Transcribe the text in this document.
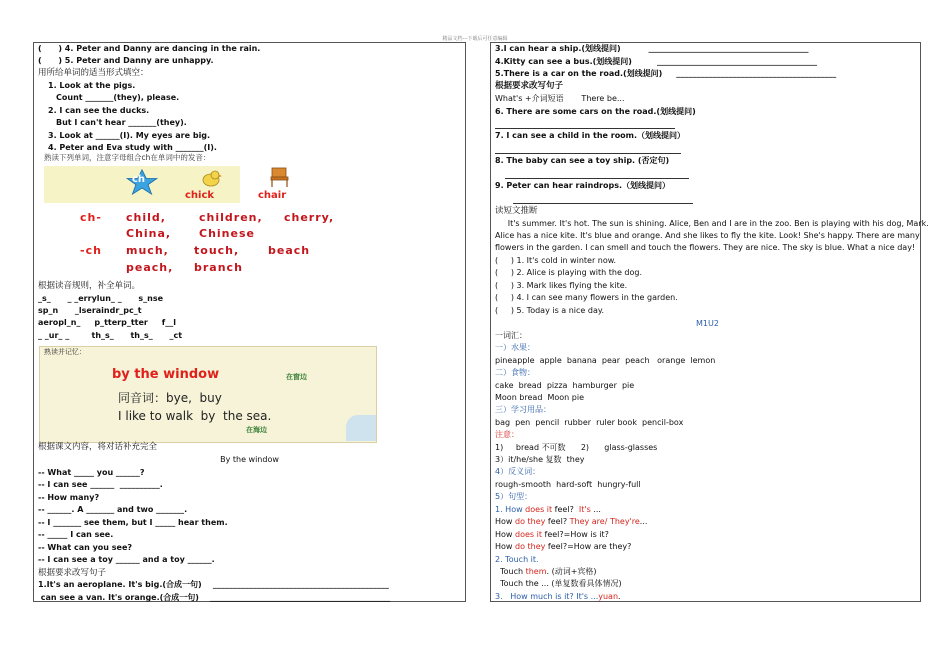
精品文档---下载后可任意编辑
(      ) 4. Peter and Danny are dancing in the rain.
(      ) 5. Peter and Danny are unhappy.
用所给单词的适当形式填空：
1. Look at the pigs.
Count _______(they), please.
2. I can see the ducks.
But I can't hear _______(they).
3. Look at ______(I). My eyes are big.
4. Peter and Eva study with _______(I).
熟读下列单词，注意字母组合ch在单词中的发音：
ch
chick	chair
ch- child,	children, cherry,
China,	Chinese
-ch much, touch,	beach
peach, branch
根据读音规则，补全单词。
_s_      _ _errylun_ _      s_nse
sp_n      _lseraindr_pc_t
aeropl_n_     p_tterp_tter     f__l
_ _ur_ _        th_s_      th_s_      _ct
熟读并记忆：
by the window	在窗边
同音词：bye,  buy
I like to walk  by  the sea.
在海边
根据课文内容，将对话补充完全
By the window
-- What _____ you ______?
-- I can see ______  __________.
-- How many?
-- ______. A _______ and two _______.
-- I _______ see them, but I _____ hear them.
-- _____ I can see.
-- What can you see?
-- I can see a toy ______ and a toy ______.
根据要求改写句子
1.It's an aeroplane. It's big.(合成一句)    ____________________________________________
can see a van. It's orange.(合成一句)    _____________________________________________
3.I can hear a ship.(划线提问)          ________________________________________
4.Kitty can see a bus.(划线提问)         ________________________________________
5.There is a car on the road.(划线提问)     ________________________________________
根据要求改写句子
What's +介词短语       There be...
6. There are some cars on the road.(划线提问)
7. I can see a child in the room.（划线提问）
8. The baby can see a toy ship. (否定句)
9. Peter can hear raindrops.（划线提问）
读短文推断
It's summer. It's hot. The sun is shining. Alice, Ben and I are in the zoo. Ben is playing with his dog, Mark.
Alice has a nice kite. It's blue and orange. And she likes to fly the kite. Look! She's happy. There are many
flowers in the garden. I can smell and touch the flowers. They are nice. The sky is blue. What a nice day!
(     ) 1. It's cold in winter now.
(     ) 2. Alice is playing with the dog.
(     ) 3. Mark likes flying the kite.
(     ) 4. I can see many flowers in the garden.
(     ) 5. Today is a nice day.
M1U2
一词汇：
一）水果：
pineapple  apple  banana  pear  peach   orange  lemon
二）食物：
cake  bread  pizza  hamburger  pie
Moon bread  Moon pie
三）学习用品：
bag  pen  pencil  rubber  ruler book  pencil-box
注意：
1)     bread 不可数      2)      glass-glasses
3）it/he/she 复数  they
4）反义词：
rough-smooth  hard-soft  hungry-full
5）句型：
1. How does it feel?  It's ...
How do they feel? They are/ They're...
How does it feel?=How is it?
How do they feel?=How are they?
2. Touch it.
Touch them. (动词+宾格)
Touch the ... (单复数看具体情况)
3.   How much is it? It's ...yuan.
